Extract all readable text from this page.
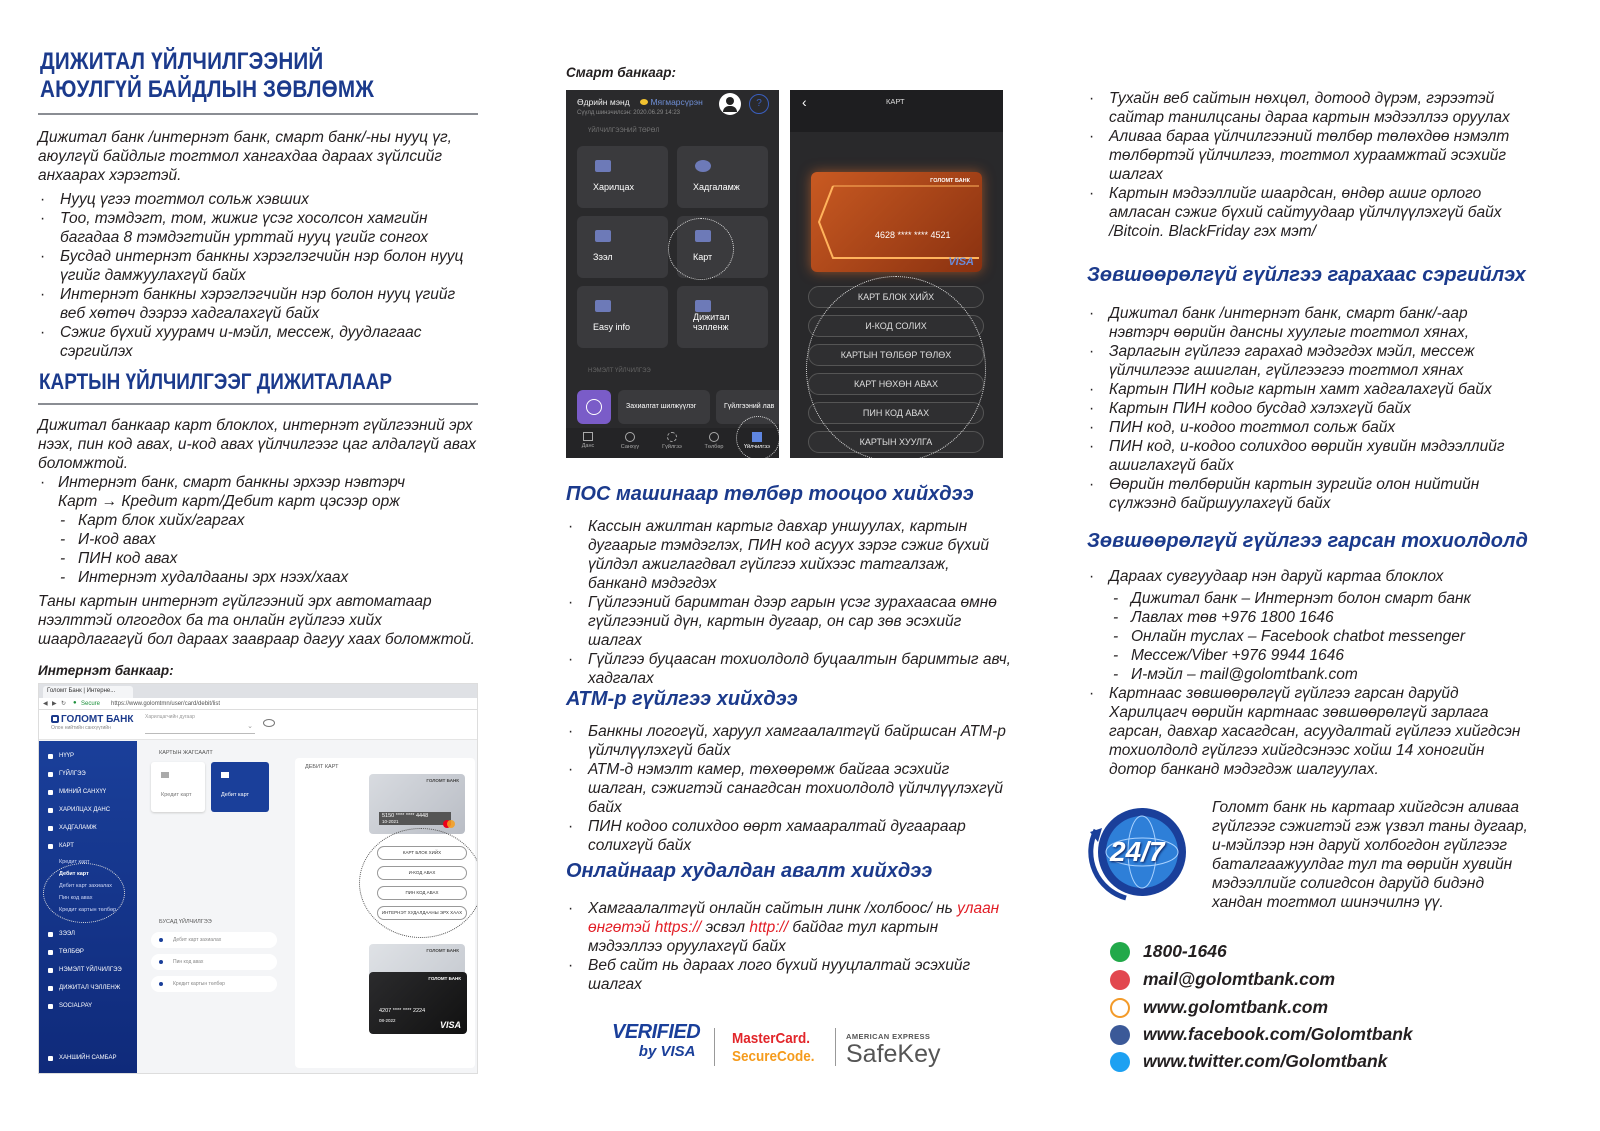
ДИЖИТАЛ ҮЙЛЧИЛГЭЭНИЙ
АЮУЛГҮЙ БАЙДЛЫН ЗӨВЛӨМЖ

Дижитал банк /интернэт банк, смарт банк/-ны нууц үг, аюулгүй байдлыг тогтмол хангахдаа дараах зүйлсийг анхаарах хэрэгтэй.

· Нууц үгээ тогтмол сольж хэвших
· Тоо, тэмдэгт, том, жижиг үсэг хосолсон хамгийн багадаа 8 тэмдэгтийн урттай нууц үгийг сонгох
· Бусдад интернэт банкны хэрэглэгчийн нэр болон нууц үгийг дамжуулахгүй байх
· Интернэт банкны хэрэглэгчийн нэр болон нууц үгийг веб хөтөч дээрээ хадгалахгүй байх
· Сэжиг бүхий хуурамч и-мэйл, мессеж, дуудлагаас сэргийлэх
КАРТЫН ҮЙЛЧИЛГЭЭГ ДИЖИТАЛААР

Дижитал банкаар карт блоклох, интернэт гүйлгээний эрх нээх, пин код авах, и-код авах үйлчилгээг цаг алдалгүй авах боломжтой.

· Интернэт банк, смарт банкны эрхээр нэвтэрч
Карт → Кредит карт/Дебит карт цэсээр орж
- Карт блок хийх/гаргах
- И-код авах
- ПИН код авах
- Интернэт худалдааны эрх нээх/хаах

Таны картын интернэт гүйлгээний эрх автоматаар нээлттэй олгогдох ба та онлайн гүйлгээ хийх шаардлагагүй бол дараах заавраар дагуу хаах боломжтой.

Интернэт банкаар:
Голомт Банк | Интерне...
◀ ▶ ↻ ● Secure https://www.golomtmn/user/card/debit/list
ГОЛОМТ БАНК
Олон нийтийн санхүүгийн
Харилцагчийн дугаар
⌄
НҮҮР
ГҮЙЛГЭЭ
МИНИЙ САНХҮҮ
ХАРИЛЦАХ ДАНС
ХАДГАЛАМЖ
КАРТ
Кредит карт
Дебит карт
Дебит карт захиалах
Пин код авах
Кредит картын төлбөр
ЗЭЭЛ
ТӨЛБӨР
НЭМЭЛТ ҮЙЛЧИЛГЭЭ
ДИЖИТАЛ ЧЭЛЛЕНЖ
SOCIALPAY
ХАНШИЙН САМБАР
КАРТЫН ЖАГСААЛТ
Кредит карт	Дебит карт
БУСАД ҮЙЛЧИЛГЭЭ
Дебит карт захиалах
Пин код авах
Кредит картын төлбөр
ДЕБИТ КАРТ
ГОЛОМТ БАНК
5150 **** **** 4448
10-2021
КАРТ БЛОК ХИЙХ
И-КОД АВАХ
ПИН КОД АВАХ
ИНТЕРНЭТ ХУДАЛДААНЫ ЭРХ ХААХ
ГОЛОМТ БАНК
ГОЛОМТ БАНК
4207 **** **** 2224
08-2022	VISA
Смарт банкаар:
Өдрийн мэнд Мягмарсүрэн
Сүүлд шинэчилсэн: 2020.06.29 14:23
?
ҮЙЛЧИЛГЭЭНИЙ ТӨРӨЛ
Харилцах	Хадгаламж
Зээл	Карт
Easy info
Дижитал чэлленж
НЭМЭЛТ ҮЙЛЧИЛГЭЭ
Захиалгат шилжүүлэг	Гүйлгээний лав
Данс	Санхүү	Гүйлгээ	Төлбөр	Үйлчилгээ
‹	КАРТ
ГОЛОМТ БАНК
4628 **** **** 4521
VISA
КАРТ БЛОК ХИЙХ
И-КОД СОЛИХ
КАРТЫН ТӨЛБӨР ТӨЛӨХ
КАРТ НӨХӨН АВАХ
ПИН КОД АВАХ
КАРТЫН ХУУЛГА
ПОС машинаар төлбөр тооцоо хийхдээ
· Кассын ажилтан картыг давхар уншуулах, картын дугаарыг тэмдэглэх, ПИН код асуух зэрэг сэжиг бүхий үйлдэл ажиглагдвал гүйлгээ хийхээс татгалзаж, банканд мэдэгдэх
· Гүйлгээний баримтан дээр гарын үсэг зурахаасаа өмнө гүйлгээний дүн, картын дугаар, он сар зөв эсэхийг шалгах
· Гүйлгээ буцаасан тохиолдолд буцаалтын баримтыг авч, хадгалах
АТМ-р гүйлгээ хийхдээ
· Банкны логогүй, харуул хамгаалалтгүй байршсан АТМ-р үйлчлүүлэхгүй байх
· АТМ-д нэмэлт камер, төхөөрөмж байгаа эсэхийг шалган, сэжигтэй санагдсан тохиолдолд үйлчлүүлэхгүй байх
· ПИН кодоо солихдоо өөрт хамааралтай дугаараар солихгүй байх
Онлайнаар худалдан авалт хийхдээ
· Хамгаалалтгүй онлайн сайтын линк /холбоос/ нь улаан өнгөтэй https:// эсвэл http:// байдаг тул картын мэдээллээ оруулахгүй байх
· Веб сайт нь дараах лого бүхий нууцлалтай эсэхийг шалгах
VERIFIED
by VISA
MasterCard.
SecureCode.
AMERICAN EXPRESS
SafeKey
· Тухайн веб сайтын нөхцөл, дотоод дүрэм, гэрээтэй сайтар танилцсаны дараа картын мэдээллээ оруулах
· Аливаа бараа үйлчилгээний төлбөр төлөхдөө нэмэлт төлбөртэй үйлчилгээ, тогтмол хураамжтай эсэхийг шалгах
· Картын мэдээллийг шаардсан, өндөр ашиг орлого амласан сэжиг бүхий сайтуудаар үйлчлүүлэхгүй байх /Bitcoin. BlackFriday гэх мэт/
Зөвшөөрөлгүй гүйлгээ гарахаас сэргийлэх
· Дижитал банк /интернэт банк, смарт банк/-аар нэвтэрч өөрийн дансны хуулгыг тогтмол хянах,
· Зарлагын гүйлгээ гарахад мэдэгдэх мэйл, мессеж үйлчилгээг ашиглан, гүйлгээгээ тогтмол хянах
· Картын ПИН кодыг картын хамт хадгалахгүй байх
· Картын ПИН кодоо бусдад хэлэхгүй байх
· ПИН код, и-кодоо тогтмол сольж байх
· ПИН код, и-кодоо солихдоо өөрийн хувийн мэдээллийг ашиглахгүй байх
· Өөрийн төлбөрийн картын зургийг олон нийтийн сүлжээнд байршуулахгүй байх
Зөвшөөрөлгүй гүйлгээ гарсан тохиолдолд
· Дараах сувгуудаар нэн даруй картаа блоклох
- Дижитал банк – Интернэт болон смарт банк
- Лавлах төв +976 1800 1646
- Онлайн туслах – Facebook chatbot messenger
- Мессеж/Viber +976 9944 1646
- И-мэйл – mail@golomtbank.com
· Картнаас зөвшөөрөлгүй гүйлгээ гарсан даруйд Харилцагч өөрийн картнаас зөвшөөрөлгүй зарлага гарсан, давхар хасагдсан, асуудалтай гүйлгээ хийгдсэн тохиолдолд гүйлгээ хийгдсэнээс хойш 14 хоногийн дотор банканд мэдэгдэж шалгуулах.
24/7

Голомт банк нь картаар хийгдсэн аливаа гүйлгээг сэжигтэй гэж үзвэл таны дугаар, и-мэйлээр нэн даруй холбогдон гүйлгээг баталгаажуулдаг тул та өөрийн хувийн мэдээллийг солигдсон даруйд бидэнд хандан тогтмол шинэчилнэ үү.

1800-1646
mail@golomtbank.com
www.golomtbank.com
www.facebook.com/Golomtbank
www.twitter.com/Golomtbank
